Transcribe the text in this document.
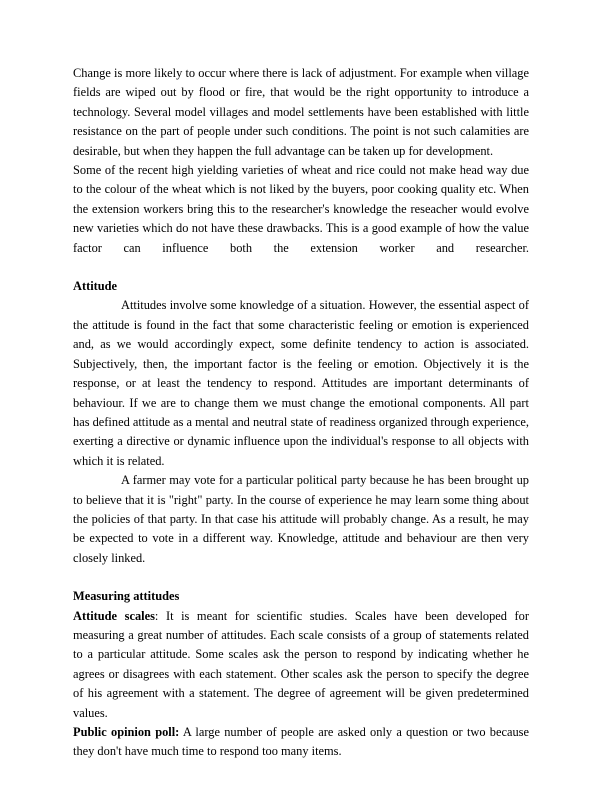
Change is more likely to occur where there is lack of adjustment. For example when village fields are wiped out by flood or fire, that would be the right opportunity to introduce a technology. Several model villages and model settlements have been established with little resistance on the part of people under such conditions. The point is not such calamities are desirable, but when they happen the full advantage can be taken up for development.

Some of the recent high yielding varieties of wheat and rice could not make head way due to the colour of the wheat which is not liked by the buyers, poor cooking quality etc. When the extension workers bring this to the researcher's knowledge the reseacher would evolve new varieties which do not have these drawbacks. This is a good example of how the value factor can influence both the extension worker and researcher.

Attitude

Attitudes involve some knowledge of a situation. However, the essential aspect of the attitude is found in the fact that some characteristic feeling or emotion is experienced and, as we would accordingly expect, some definite tendency to action is associated. Subjectively, then, the important factor is the feeling or emotion. Objectively it is the response, or at least the tendency to respond. Attitudes are important determinants of behaviour. If we are to change them we must change the emotional components. All part has defined attitude as a mental and neutral state of readiness organized through experience, exerting a directive or dynamic influence upon the individual's response to all objects with which it is related.

A farmer may vote for a particular political party because he has been brought up to believe that it is "right" party. In the course of experience he may learn some thing about the policies of that party. In that case his attitude will probably change. As a result, he may be expected to vote in a different way. Knowledge, attitude and behaviour are then very closely linked.

Measuring attitudes

Attitude scales: It is meant for scientific studies. Scales have been developed for measuring a great number of attitudes. Each scale consists of a group of statements related to a particular attitude. Some scales ask the person to respond by indicating whether he agrees or disagrees with each statement. Other scales ask the person to specify the degree of his agreement with a statement. The degree of agreement will be given predetermined values.

Public opinion poll: A large number of people are asked only a question or two because they don't have much time to respond too many items.
